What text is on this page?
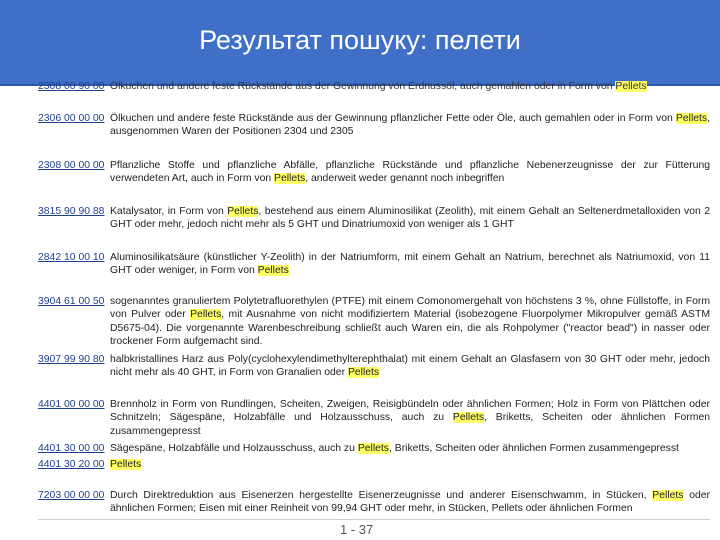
Результат пошуку: пелети
2308 00 90 00 Olkuchen und andere feste Rückstände aus der Gewinnung von Erdnussöl, auch gemahlen oder in Form von Pellets
2306 00 00 00 Ölkuchen und andere feste Rückstände aus der Gewinnung pflanzlicher Fette oder Öle, auch gemahlen oder in Form von Pellets, ausgenommen Waren der Positionen 2304 und 2305
2308 00 00 00 Pflanzliche Stoffe und pflanzliche Abfälle, pflanzliche Rückstände und pflanzliche Nebenerzeugnisse der zur Fütterung verwendeten Art, auch in Form von Pellets, anderweit weder genannt noch inbegriffen
3815 90 90 88 Katalysator, in Form von Pellets, bestehend aus einem Aluminosilikat (Zeolith), mit einem Gehalt an Seltenerdmetalloxiden von 2 GHT oder mehr, jedoch nicht mehr als 5 GHT und Dinatriumoxid von weniger als 1 GHT
2842 10 00 10 Aluminosilikatsäure (künstlicher Y-Zeolith) in der Natriumform, mit einem Gehalt an Natrium, berechnet als Natriumoxid, von 11 GHT oder weniger, in Form von Pellets
3904 61 00 50 sogenanntes granuliertem Polytetrafluorethylen (PTFE) mit einem Comonomergehalt von höchstens 3 %, ohne Füllstoffe, in Form von Pulver oder Pellets, mit Ausnahme von nicht modifiziertem Material (isobezogene Fluorpolymer Mikropulver gemäß ASTM D5675-04). Die vorgenannte Warenbeschreibung schließt auch Waren ein, die als Rohpolymer ("reactor bead") in nasser oder trockener Form aufgemacht sind.
3907 99 90 80 halbkristallines Harz aus Poly(cyclohexylendimethylterephthalat) mit einem Gehalt an Glasfasern von 30 GHT oder mehr, jedoch nicht mehr als 40 GHT, in Form von Granalien oder Pellets
4401 00 00 00 Brennholz in Form von Rundlingen, Scheiten, Zweigen, Reisigbündeln oder ähnlichen Formen; Holz in Form von Plättchen oder Schnitzeln; Sägespäne, Holzabfälle und Holzausschuss, auch zu Pellets, Briketts, Scheiten oder ähnlichen Formen zusammengepresst
4401 30 00 00 Sägespäne, Holzabfälle und Holzausschuss, auch zu Pellets, Briketts, Scheiten oder ähnlichen Formen zusammengepresst
4401 30 20 00 Pellets
7203 00 00 00 Durch Direktreduktion aus Eisenerzen hergestellte Eisenerzeugnisse und anderer Eisenschwamm, in Stücken, Pellets oder ähnlichen Formen; Eisen mit einer Reinheit von 99,94 GHT oder mehr, in Stücken, Pellets oder ähnlichen Formen
1 - 37
